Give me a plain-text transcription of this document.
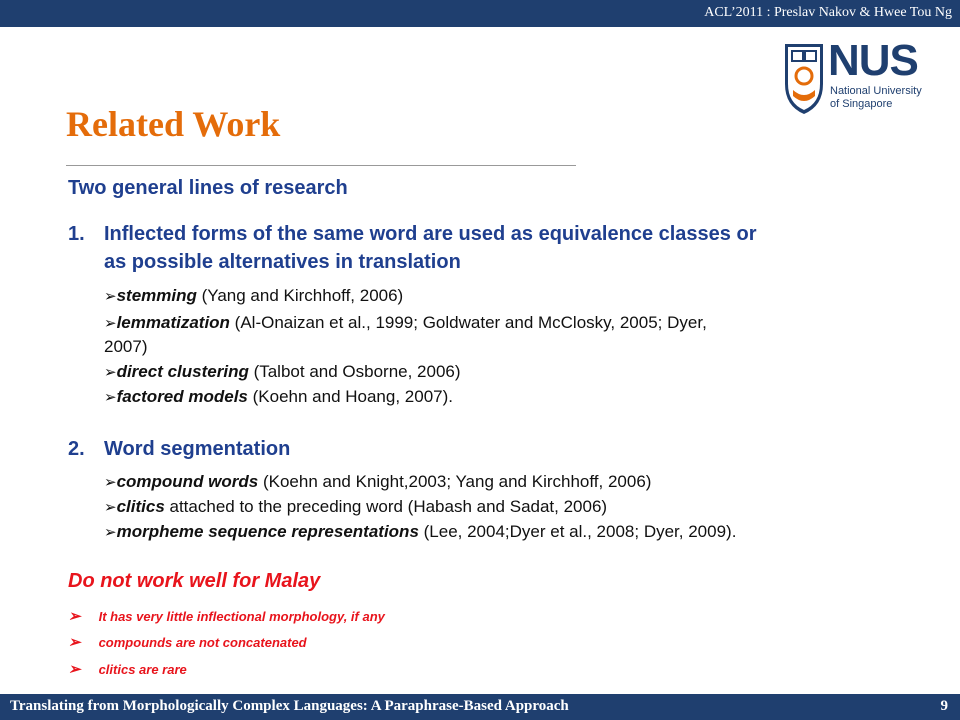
ACL’2011 : Preslav Nakov & Hwee Tou Ng
NUS
National University
of Singapore
Related Work
Two general lines of research
1. Inflected forms of the same word are used as equivalence classes or
as possible alternatives in translation
➢stemming (Yang and Kirchhoff, 2006)
➢lemmatization (Al-Onaizan et al., 1999; Goldwater and McClosky, 2005; Dyer,
2007)
➢direct clustering (Talbot and Osborne, 2006)
➢factored models (Koehn and Hoang, 2007).
2. Word segmentation
➢compound words (Koehn and Knight,2003; Yang and Kirchhoff, 2006)
➢clitics attached to the preceding word (Habash and Sadat, 2006)
➢morpheme sequence representations (Lee, 2004;Dyer et al., 2008; Dyer, 2009).
Do not work well for Malay
➢ It has very little inflectional morphology, if any
➢ compounds are not concatenated
➢ clitics are rare
Translating from Morphologically Complex Languages: A Paraphrase-Based Approach	9
